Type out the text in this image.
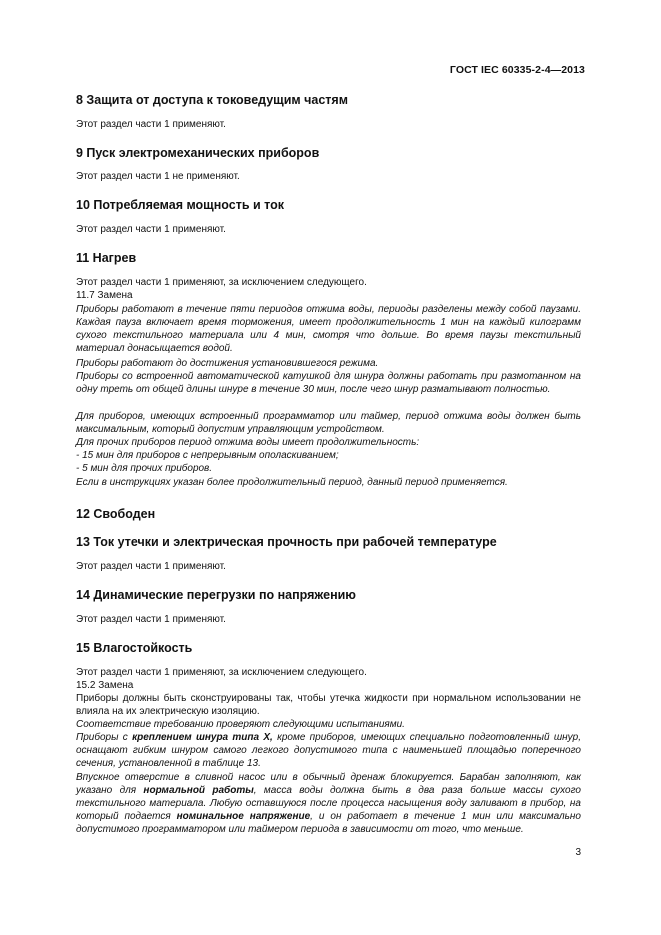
ГОСТ IEC 60335-2-4—2013
8 Защита от доступа к токоведущим частям
Этот раздел части 1 применяют.
9 Пуск электромеханических приборов
Этот раздел части 1 не применяют.
10 Потребляемая мощность и ток
Этот раздел части 1 применяют.
11 Нагрев
Этот раздел части 1 применяют, за исключением следующего.
11.7 Замена
Приборы работают в течение пяти периодов отжима воды, периоды разделены между собой паузами. Каждая пауза включает время торможения, имеет продолжительность 1 мин на каждый килограмм сухого текстильного материала или 4 мин, смотря что дольше. Во время паузы текстильный материал донасыщается водой.
Приборы работают до достижения установившегося режима.
Приборы со встроенной автоматической катушкой для шнура должны работать при размотанном на одну треть от общей длины шнуре в течение 30 мин, после чего шнур разматывают полностью.
Для приборов, имеющих встроенный программатор или таймер, период отжима воды должен быть максимальным, который допустим управляющим устройством.
Для прочих приборов период отжима воды имеет продолжительность:
- 15 мин для приборов с непрерывным ополаскиванием;
- 5 мин для прочих приборов.
Если в инструкциях указан более продолжительный период, данный период применяется.
12 Свободен
13 Ток утечки и электрическая прочность при рабочей температуре
Этот раздел части 1 применяют.
14 Динамические перегрузки по напряжению
Этот раздел части 1 применяют.
15 Влагостойкость
Этот раздел части 1 применяют, за исключением следующего.
15.2 Замена
Приборы должны быть сконструированы так, чтобы утечка жидкости при нормальном использовании не влияла на их электрическую изоляцию.
Соответствие требованию проверяют следующими испытаниями.
Приборы с креплением шнура типа X, кроме приборов, имеющих специально подготовленный шнур, оснащают гибким шнуром самого легкого допустимого типа с наименьшей площадью поперечного сечения, установленной в таблице 13.
Впускное отверстие в сливной насос или в обычный дренаж блокируется. Барабан заполняют, как указано для нормальной работы, масса воды должна быть в два раза больше массы сухого текстильного материала. Любую оставшуюся после процесса насыщения воду заливают в прибор, на который подается номинальное напряжение, и он работает в течение 1 мин или максимально допустимого программатором или таймером периода в зависимости от того, что меньше.
3
